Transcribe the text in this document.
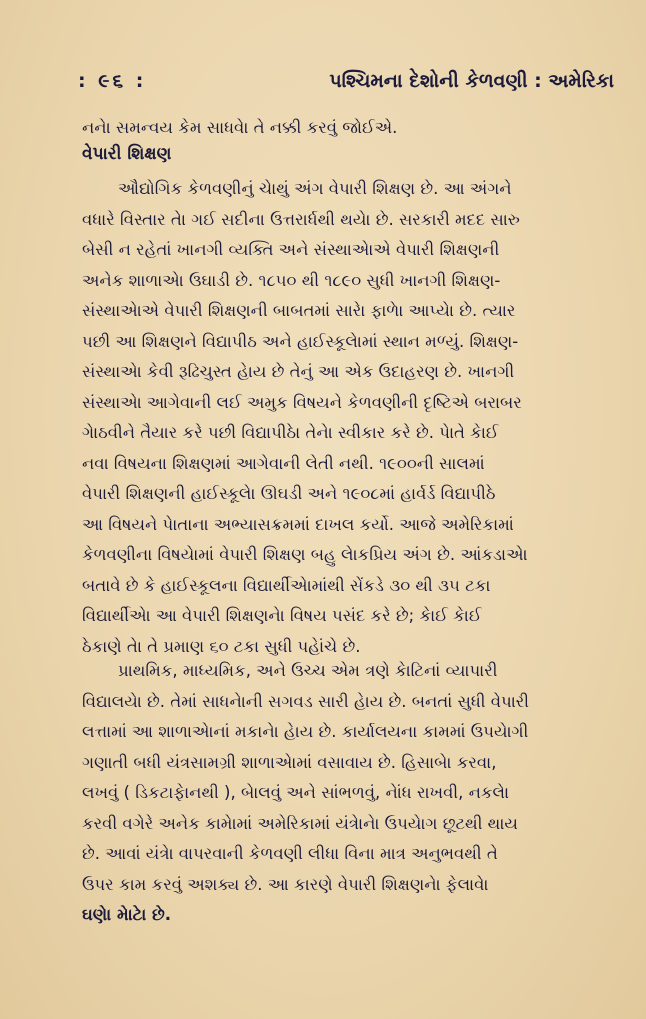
: ૯૬ :	પશ્ચિમના દેશોની કેળવણી : અમેરિકા
નનેા સમન્વય કેમ સાધવેા તે નક્કી કરવું જોઈએ.
વેપારી શિક્ષણ
ઔદ્યોગિક કેળવણીનું ચેાથું અંગ વેપારી શિક્ષણ છે. આ અંગને
વધારે વિસ્તાર તેા ગઈ સદીના ઉત્તરાર્ધથી થયેા છે. સરકારી મદદ સારુ
બેસી ન રહેતાં ખાનગી વ્યક્તિ અને સંસ્થાએાએ વેપારી શિક્ષણની
અનેક શાળાએા ઉઘાડી છે. ૧૮૫૦ થી ૧૮૯૦ સુધી ખાનગી શિક્ષણ-
સંસ્થાએાએ વેપારી શિક્ષણની બાબતમાં સારેા ફાળેા આપ્યેા છે. ત્યાર
પછી આ શિક્ષણને વિદ્યાપીઠ અને હાઈસ્કૂલેામાં સ્થાન મળ્યું. શિક્ષણ-
સંસ્થાએા કેવી રૂઢિચુસ્ત હેાય છે તેનું આ એક ઉદાહરણ છે. ખાનગી
સંસ્થાએા આગેવાની લઈ અમુક વિષયને કેળવણીની દૃષ્ટિએ બરાબર
ગેાઠવીને તૈયાર કરે પછી વિદ્યાપીઠેા તેનેા સ્વીકાર કરે છે. પેાતે કેાઈ
નવા વિષયના શિક્ષણમાં આગેવાની લેતી નથી. ૧૯૦૦ની સાલમાં
વેપારી શિક્ષણની હાઈસ્કૂલેા ઊઘડી અને ૧૯૦૮માં હાર્વર્ડ વિદ્યાપીઠે
આ વિષયને પેાતાના અભ્યાસક્રમમાં દાખલ કર્યો. આજે અમેરિકામાં
કેળવણીના વિષયેામાં વેપારી શિક્ષણ બહુ લેાકપ્રિય અંગ છે. આંકડાએા
બતાવે છે કે હાઈસ્કૂલના વિદ્યાર્થીએામાંથી સેંકડે ૩૦ થી ૩૫ ટકા
વિદ્યાર્થીએા આ વેપારી શિક્ષણનેા વિષય પસંદ કરે છે; કેાઈ કેાઈ
ઠેકાણે તેા તે પ્રમાણ ૬૦ ટકા સુધી પહેાંચે છે.
પ્રાથમિક, માધ્યમિક, અને ઉચ્ચ એમ ત્રણે કેાટિનાં વ્યાપારી
વિદ્યાલયેા છે. તેમાં સાધનેાની સગવડ સારી હેાય છે. બનતાં સુધી વેપારી
લત્તામાં આ શાળાએાનાં મકાનેા હેાય છે. કાર્યાલયના કામમાં ઉપયેાગી
ગણાતી બધી યંત્રસામગ્રી શાળાએામાં વસાવાય છે. હિસાબેા કરવા,
લખવું ( ડિકટાફેાનથી ), બેાલવું અને સાંભળવું, નેાંધ રાખવી, નકલેા
કરવી વગેરે અનેક કામેામાં અમેરિકામાં યંત્રેાનેા ઉપયેાગ છૂટથી થાય
છે. આવાં યંત્રેા વાપરવાની કેળવણી લીધા વિના માત્ર અનુભવથી તે
ઉપર કામ કરવું અશક્ય છે. આ કારણે વેપારી શિક્ષણનેા ફેલાવેા
ઘણેા મેાટેા છે.
